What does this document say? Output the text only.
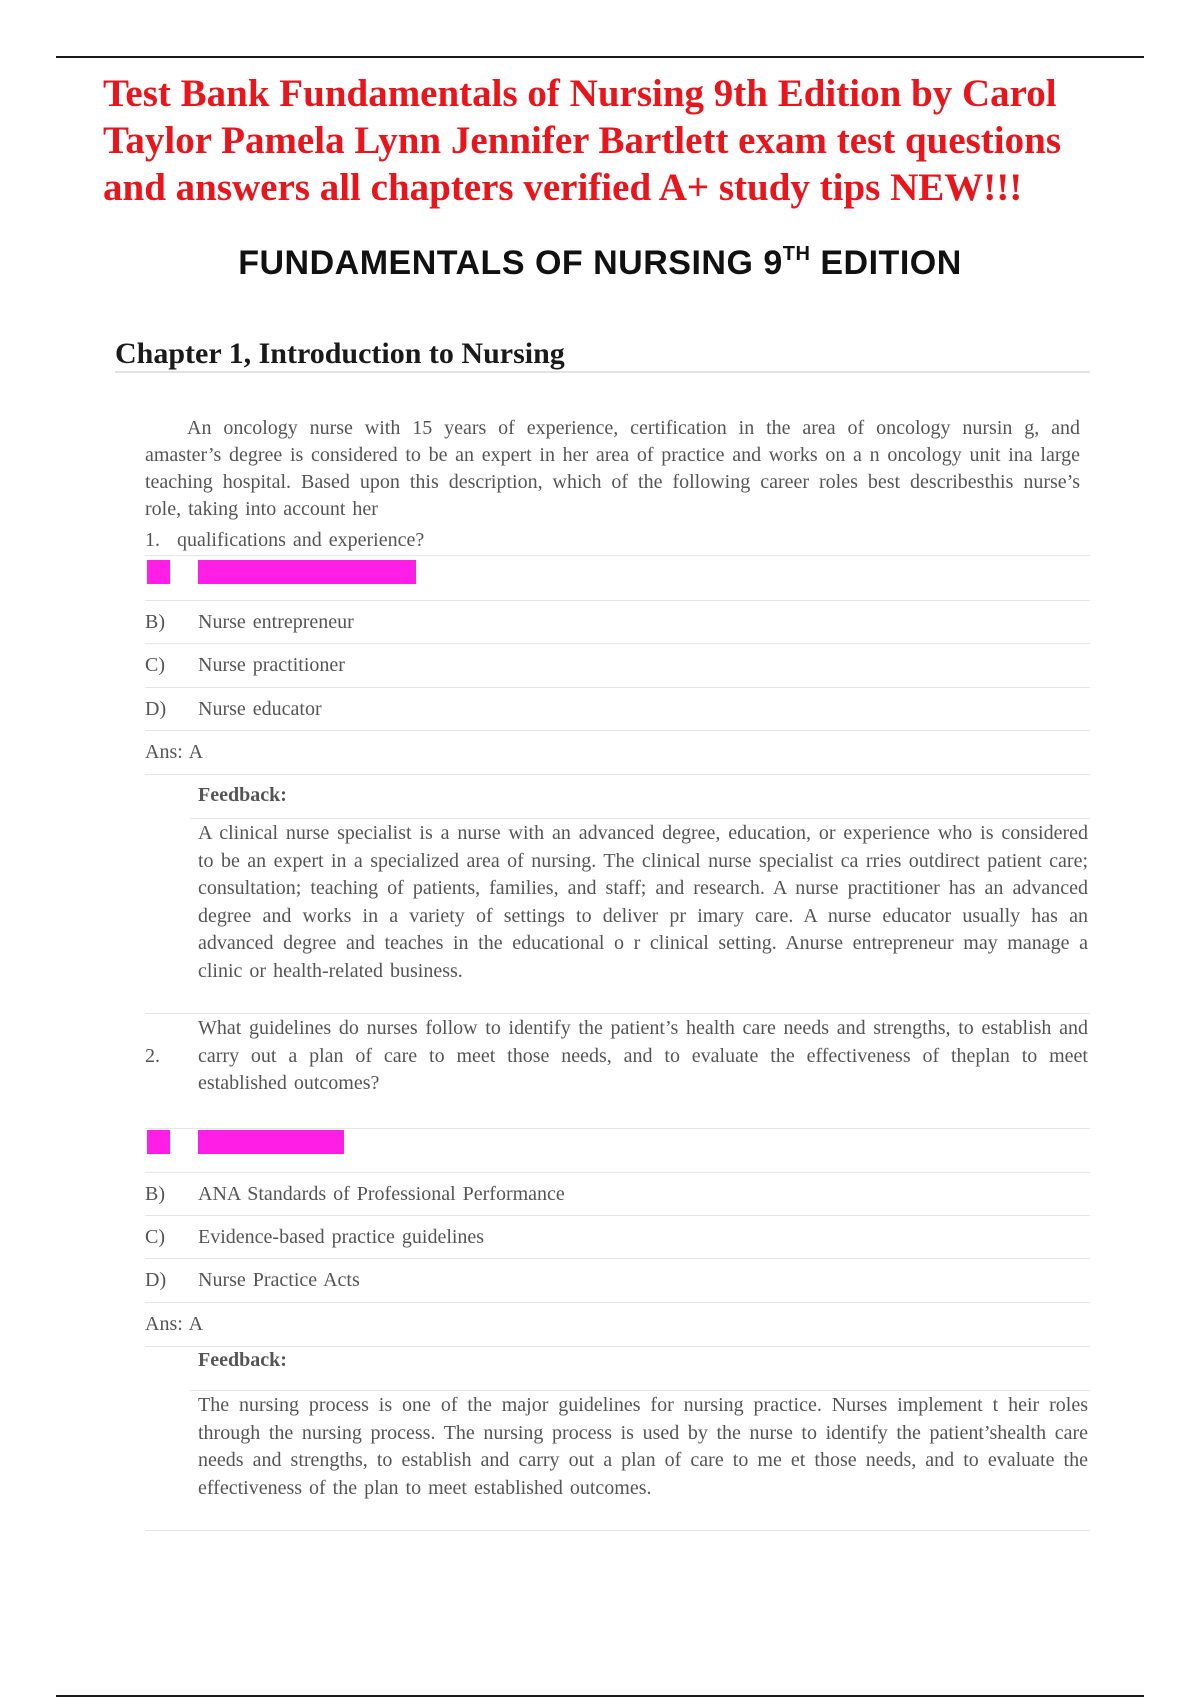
Test Bank Fundamentals of Nursing 9th Edition by Carol Taylor Pamela Lynn Jennifer Bartlett exam test questions and answers all chapters verified A+ study tips NEW!!!
FUNDAMENTALS OF NURSING 9TH EDITION
Chapter 1, Introduction to Nursing
An oncology nurse with 15 years of experience, certification in the area of oncology nursin g, and amaster’s degree is considered to be an expert in her area of practice and works on a n oncology unit ina large teaching hospital. Based upon this description, which of the following career roles best describesthis nurse’s role, taking into account her
1. qualifications and experience?
B) Nurse entrepreneur
C) Nurse practitioner
D) Nurse educator
Ans: A
Feedback:
A clinical nurse specialist is a nurse with an advanced degree, education, or experience who is considered to be an expert in a specialized area of nursing. The clinical nurse specialist ca rries outdirect patient care; consultation; teaching of patients, families, and staff; and research. A nurse practitioner has an advanced degree and works in a variety of settings to deliver pr imary care. A nurse educator usually has an advanced degree and teaches in the educational o r clinical setting. Anurse entrepreneur may manage a clinic or health-related business.
2.
What guidelines do nurses follow to identify the patient’s health care needs and strengths, to establish and carry out a plan of care to meet those needs, and to evaluate the effectiveness of theplan to meet established outcomes?
B) ANA Standards of Professional Performance
C) Evidence-based practice guidelines
D) Nurse Practice Acts
Ans: A
Feedback:
The nursing process is one of the major guidelines for nursing practice. Nurses implement t heir roles through the nursing process. The nursing process is used by the nurse to identify the patient’shealth care needs and strengths, to establish and carry out a plan of care to me et those needs, and to evaluate the effectiveness of the plan to meet established outcomes.
